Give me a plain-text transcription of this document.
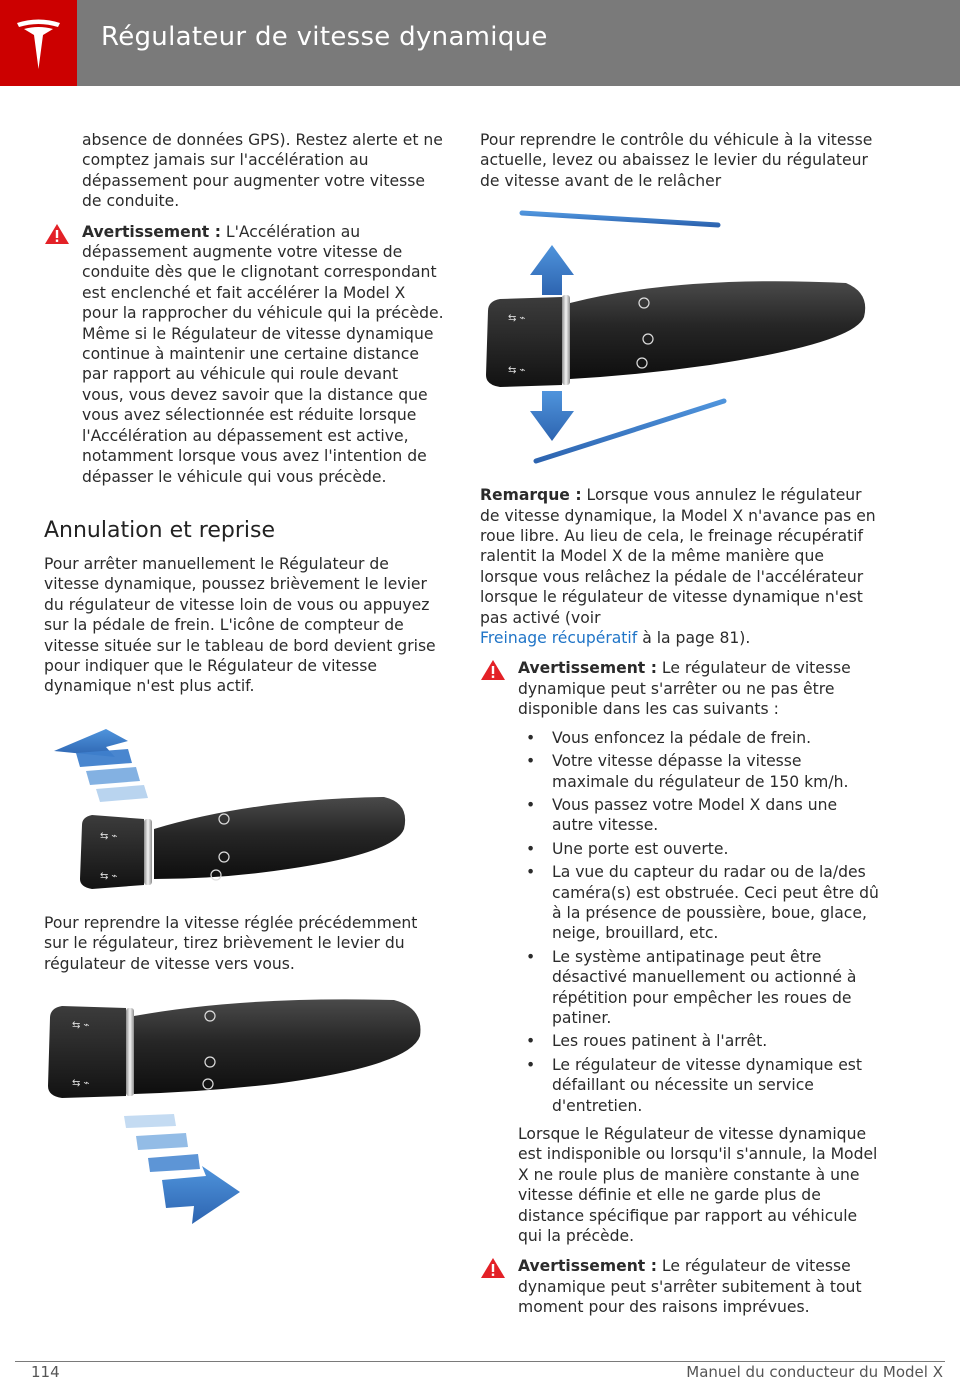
Régulateur de vitesse dynamique

absence de données GPS). Restez alerte et ne comptez jamais sur l'accélération au dépassement pour augmenter votre vitesse de conduite.

Avertissement : L'Accélération au dépassement augmente votre vitesse de conduite dès que le clignotant correspondant est enclenché et fait accélérer la Model X pour la rapprocher du véhicule qui la précède. Même si le Régulateur de vitesse dynamique continue à maintenir une certaine distance par rapport au véhicule qui roule devant vous, vous devez savoir que la distance que vous avez sélectionnée est réduite lorsque l'Accélération au dépassement est active, notamment lorsque vous avez l'intention de dépasser le véhicule qui vous précède.

Annulation et reprise

Pour arrêter manuellement le Régulateur de vitesse dynamique, poussez brièvement le levier du régulateur de vitesse loin de vous ou appuyez sur la pédale de frein. L'icône de compteur de vitesse située sur le tableau de bord devient grise pour indiquer que le Régulateur de vitesse dynamique n'est plus actif.

⇆ ⌁
⇆ ⌁

Pour reprendre la vitesse réglée précédemment sur le régulateur, tirez brièvement le levier du régulateur de vitesse vers vous.

⇆ ⌁
⇆ ⌁

Pour reprendre le contrôle du véhicule à la vitesse actuelle, levez ou abaissez le levier du régulateur de vitesse avant de le relâcher

⇆ ⌁
⇆ ⌁

Remarque : Lorsque vous annulez le régulateur de vitesse dynamique, la Model X n'avance pas en roue libre. Au lieu de cela, le freinage récupératif ralentit la Model X de la même manière que lorsque vous relâchez la pédale de l'accélérateur lorsque le régulateur de vitesse dynamique n'est pas activé (voir
Freinage récupératif à la page 81).

Avertissement : Le régulateur de vitesse dynamique peut s'arrêter ou ne pas être disponible dans les cas suivants :

• Vous enfoncez la pédale de frein.
• Votre vitesse dépasse la vitesse maximale du régulateur de 150 km/h.
• Vous passez votre Model X dans une autre vitesse.
• Une porte est ouverte.
• La vue du capteur du radar ou de la/des caméra(s) est obstruée. Ceci peut être dû à la présence de poussière, boue, glace, neige, brouillard, etc.
• Le système antipatinage peut être désactivé manuellement ou actionné à répétition pour empêcher les roues de patiner.
• Les roues patinent à l'arrêt.
• Le régulateur de vitesse dynamique est défaillant ou nécessite un service d'entretien.

Lorsque le Régulateur de vitesse dynamique est indisponible ou lorsqu'il s'annule, la Model X ne roule plus de manière constante à une vitesse définie et elle ne garde plus de distance spécifique par rapport au véhicule qui la précède.

Avertissement : Le régulateur de vitesse dynamique peut s'arrêter subitement à tout moment pour des raisons imprévues.

114	Manuel du conducteur du Model X
